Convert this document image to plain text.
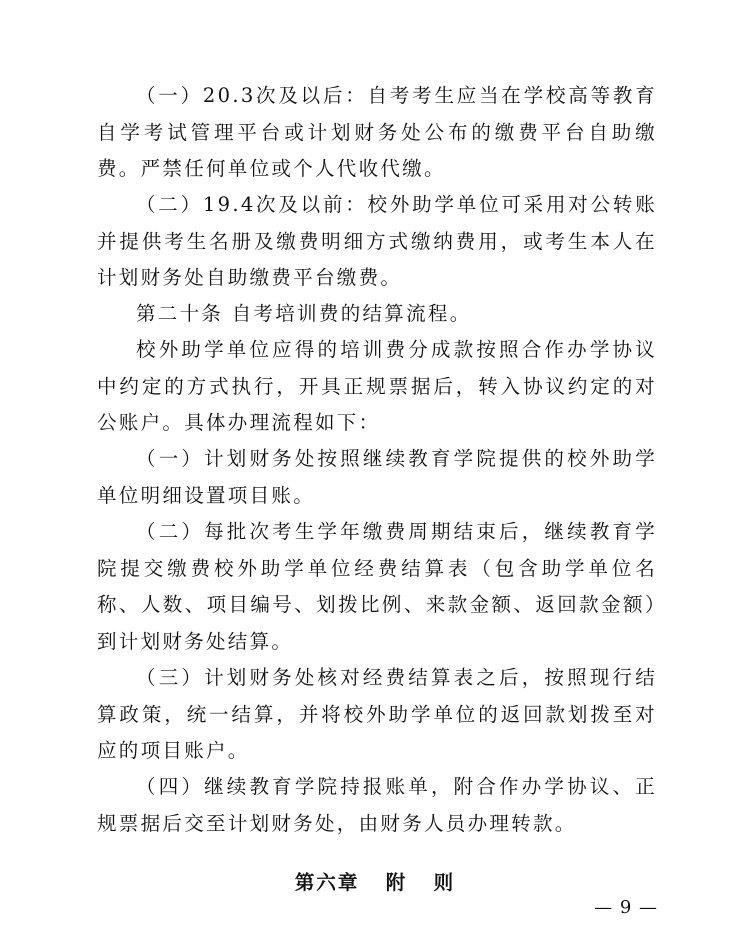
（一）20.3次及以后：自考考生应当在学校高等教育自学考试管理平台或计划财务处公布的缴费平台自助缴费。严禁任何单位或个人代收代缴。

（二）19.4次及以前：校外助学单位可采用对公转账并提供考生名册及缴费明细方式缴纳费用，或考生本人在计划财务处自助缴费平台缴费。

第二十条 自考培训费的结算流程。

校外助学单位应得的培训费分成款按照合作办学协议中约定的方式执行，开具正规票据后，转入协议约定的对公账户。具体办理流程如下：

（一）计划财务处按照继续教育学院提供的校外助学单位明细设置项目账。

（二）每批次考生学年缴费周期结束后，继续教育学院提交缴费校外助学单位经费结算表（包含助学单位名称、人数、项目编号、划拨比例、来款金额、返回款金额）到计划财务处结算。

（三）计划财务处核对经费结算表之后，按照现行结算政策，统一结算，并将校外助学单位的返回款划拨至对应的项目账户。

（四）继续教育学院持报账单，附合作办学协议、正规票据后交至计划财务处，由财务人员办理转款。

第六章   附   则
— 9 —
